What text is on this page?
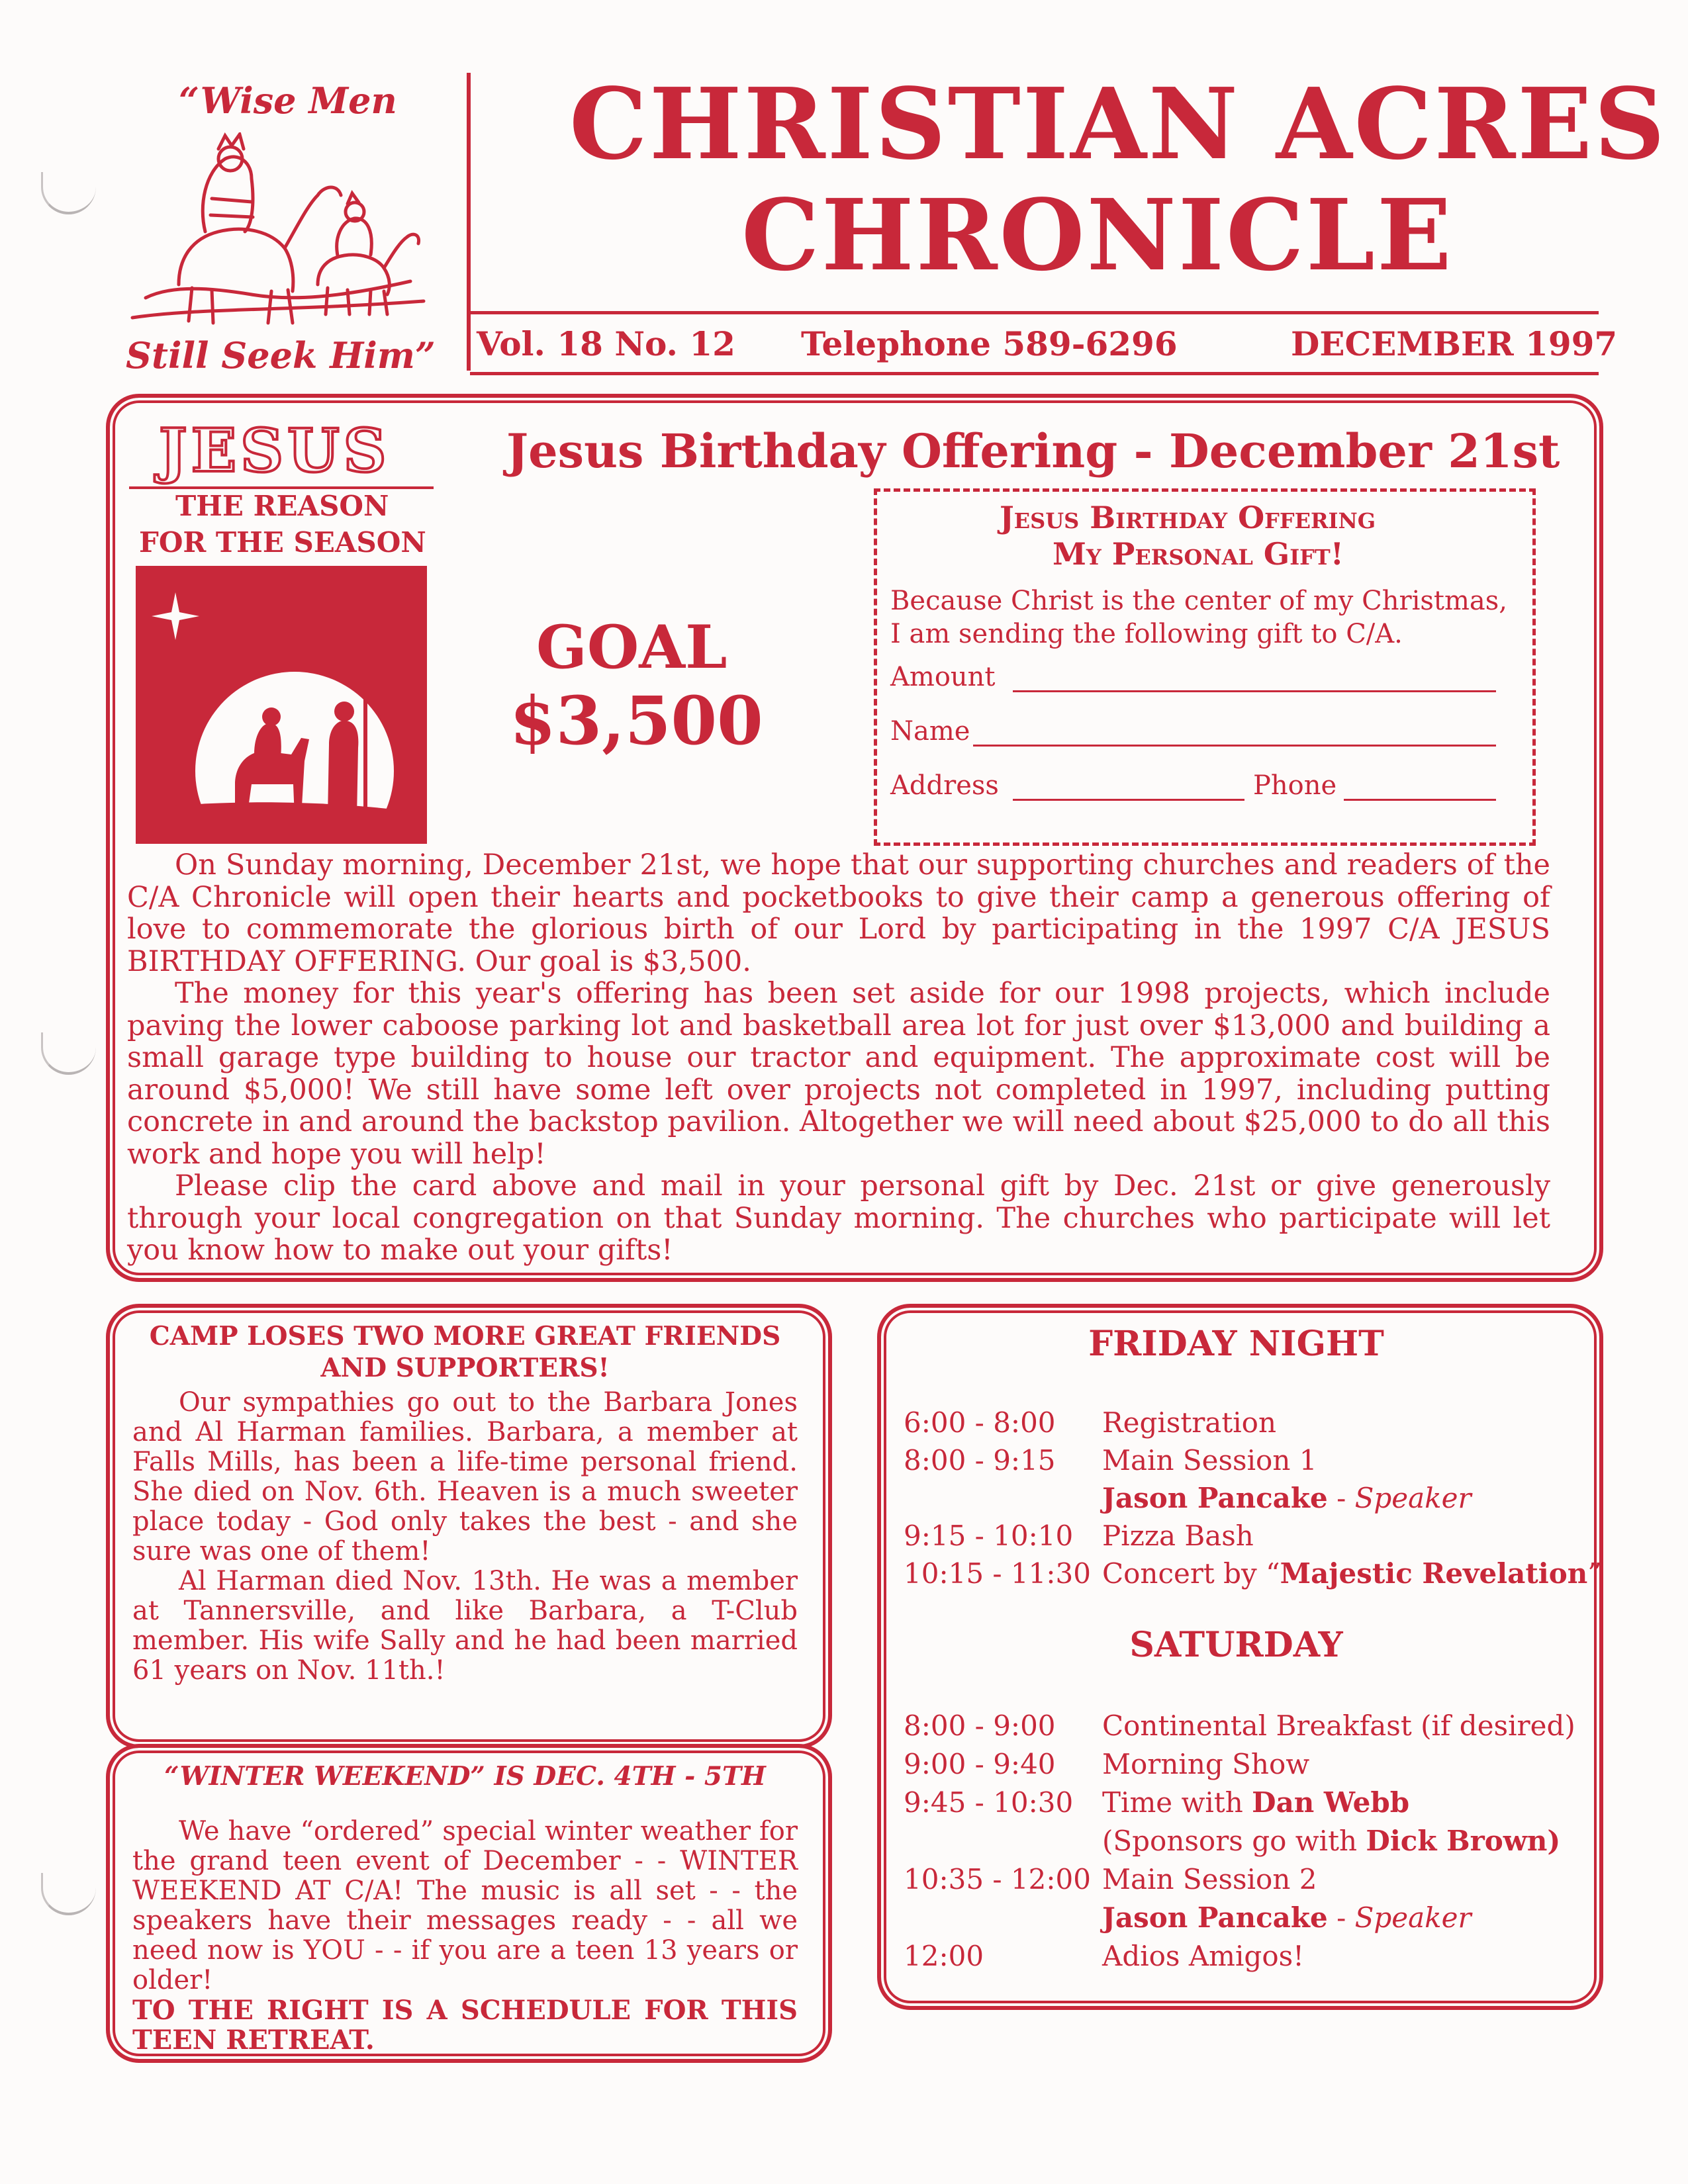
“Wise Men
Still Seek Him”
CHRISTIAN ACRES
CHRONICLE
Vol. 18 No. 12 Telephone 589-6296	DECEMBER 1997
JESUS
THE REASON
FOR THE SEASON
Jesus Birthday Offering - December 21st
GOAL
$3,500
Jesus Birthday Offering
My Personal Gift!
Because Christ is the center of my Christmas,
I am sending the following gift to C/A.
Amount
Name
Address	Phone

On Sunday morning, December 21st, we hope that our supporting churches and readers of the C/A Chronicle will open their hearts and pocketbooks to give their camp a generous offering of love to commemorate the glorious birth of our Lord by participating in the 1997 C/A JESUS BIRTHDAY OFFERING. Our goal is $3,500.

The money for this year's offering has been set aside for our 1998 projects, which include paving the lower caboose parking lot and basketball area lot for just over $13,000 and building a small garage type building to house our tractor and equipment. The approximate cost will be around $5,000! We still have some left over projects not completed in 1997, including putting concrete in and around the backstop pavilion. Altogether we will need about $25,000 to do all this work and hope you will help!

Please clip the card above and mail in your personal gift by Dec. 21st or give generously through your local congregation on that Sunday morning. The churches who participate will let you know how to make out your gifts!

CAMP LOSES TWO MORE GREAT FRIENDS
AND SUPPORTERS!

Our sympathies go out to the Barbara Jones and Al Harman families. Barbara, a member at Falls Mills, has been a life-time personal friend. She died on Nov. 6th. Heaven is a much sweeter place today - God only takes the best - and she sure was one of them!

Al Harman died Nov. 13th. He was a member at Tannersville, and like Barbara, a T-Club member. His wife Sally and he had been married 61 years on Nov. 11th.!

“WINTER WEEKEND” IS DEC. 4TH - 5TH

We have “ordered” special winter weather for the grand teen event of December - - WINTER WEEKEND AT C/A! The music is all set - - the speakers have their messages ready - - all we need now is YOU - - if you are a teen 13 years or older!

TO THE RIGHT IS A SCHEDULE FOR THIS TEEN RETREAT.
FRIDAY NIGHT
6:00 - 8:00 Registration
8:00 - 9:15 Main Session 1
Jason Pancake - Speaker
9:15 - 10:10 Pizza Bash
10:15 - 11:30 Concert by “Majestic Revelation”
SATURDAY
8:00 - 9:00 Continental Breakfast (if desired)
9:00 - 9:40 Morning Show
9:45 - 10:30 Time with Dan Webb
(Sponsors go with Dick Brown)
10:35 - 12:00 Main Session 2
Jason Pancake - Speaker
12:00	Adios Amigos!
